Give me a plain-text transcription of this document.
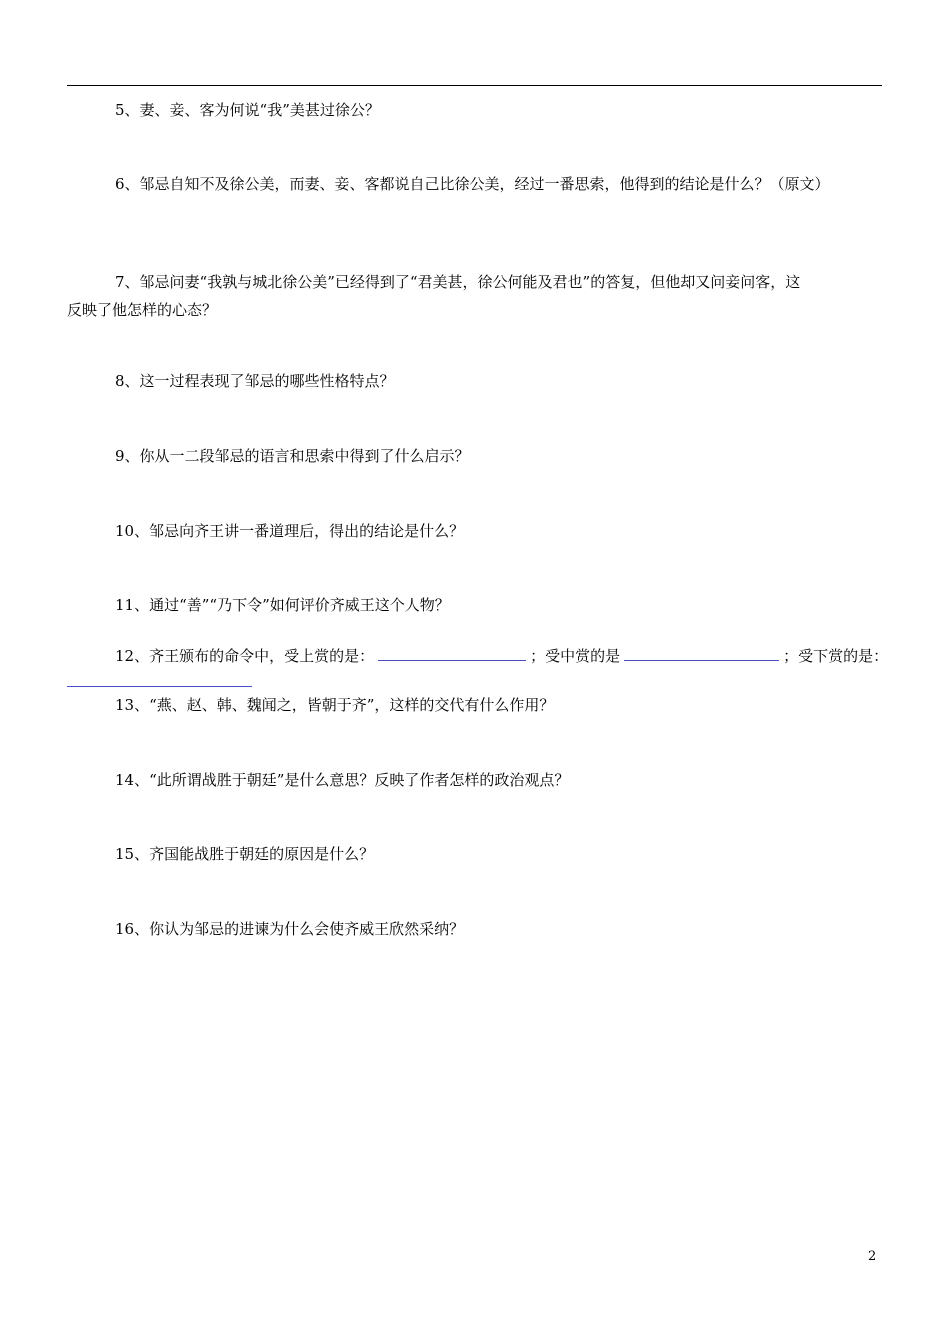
5、妻、妾、客为何说“我”美甚过徐公？
6、邹忌自知不及徐公美，而妻、妾、客都说自己比徐公美，经过一番思索，他得到的结论是什么？（原文）
7、邹忌问妻“我孰与城北徐公美”已经得到了“君美甚，徐公何能及君也”的答复，但他却又问妾问客，这
反映了他怎样的心态？
8、这一过程表现了邹忌的哪些性格特点？
9、你从一二段邹忌的语言和思索中得到了什么启示？
10、邹忌向齐王讲一番道理后，得出的结论是什么？
11、通过“善”“乃下令”如何评价齐威王这个人物？
12、齐王颁布的命令中，受上赏的是：	；受中赏的是	；受下赏的是：
13、“燕、赵、韩、魏闻之，皆朝于齐”，这样的交代有什么作用？
14、“此所谓战胜于朝廷”是什么意思？反映了作者怎样的政治观点？
15、齐国能战胜于朝廷的原因是什么？
16、你认为邹忌的进谏为什么会使齐威王欣然采纳？
2
